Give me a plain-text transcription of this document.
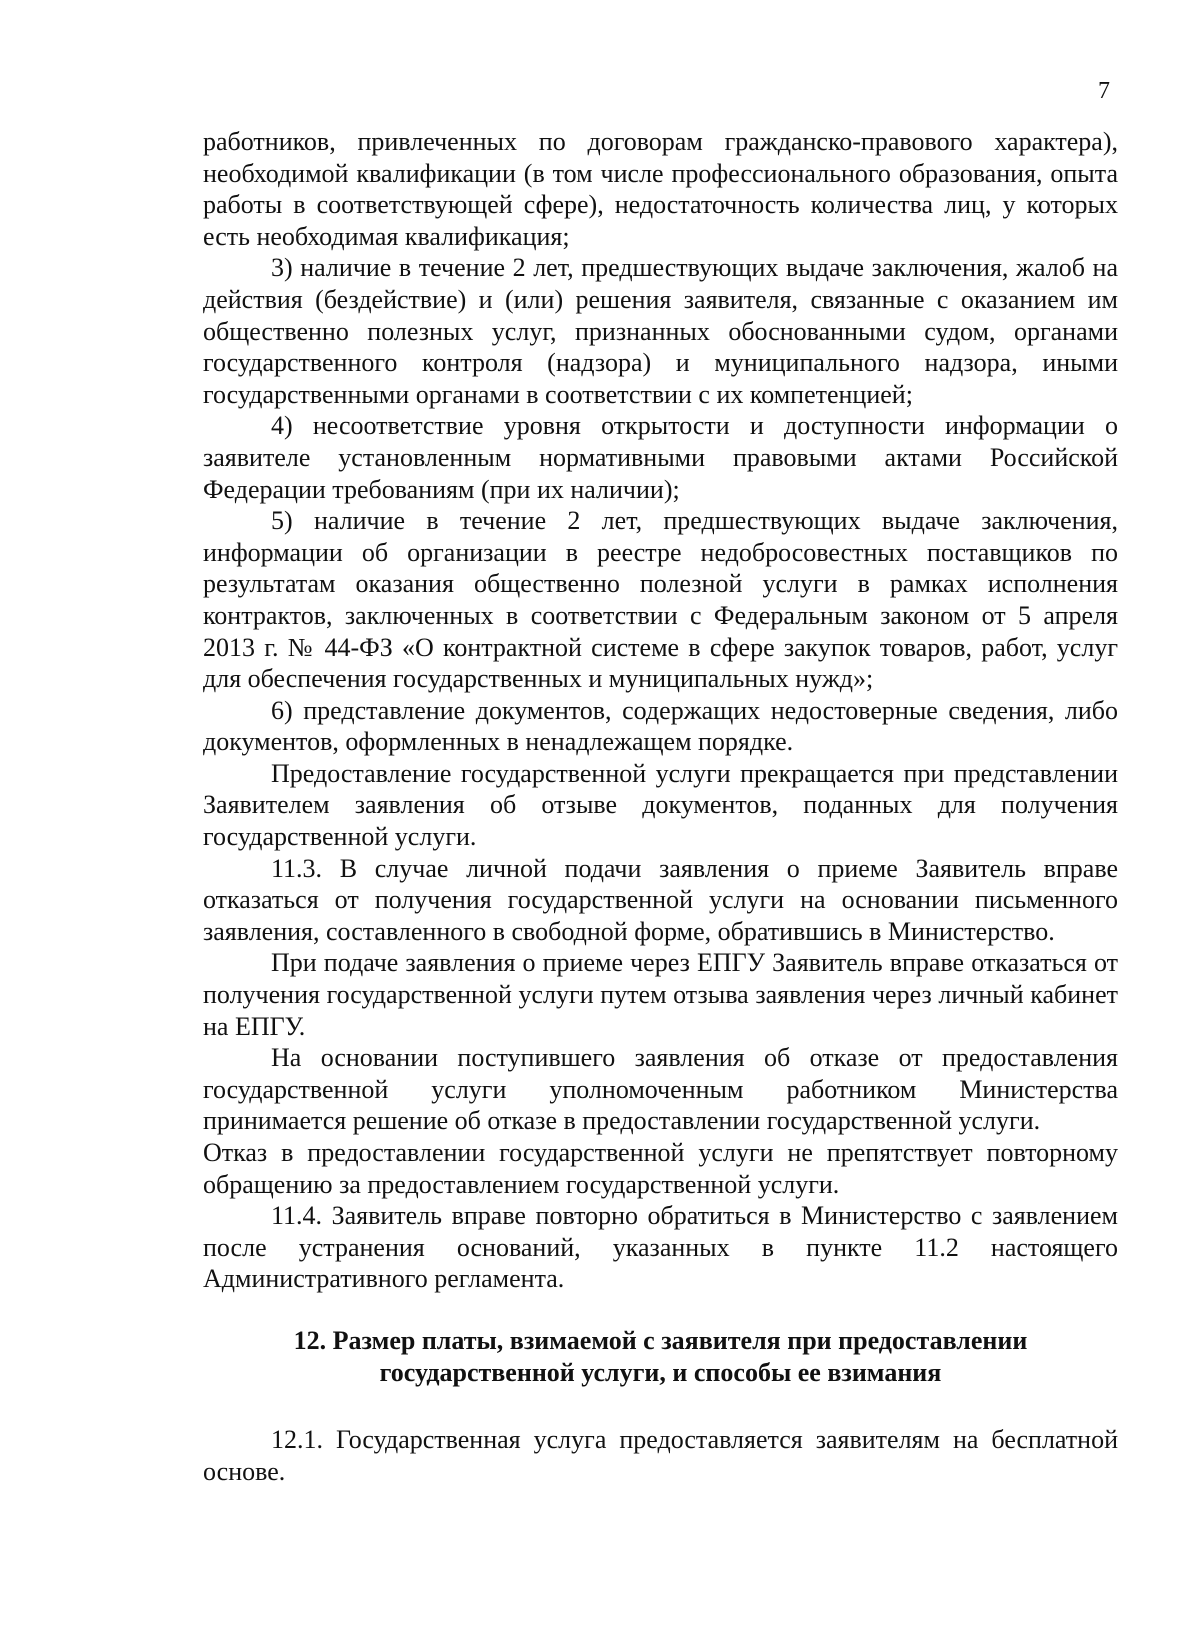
7

работников, привлеченных по договорам гражданско-правового характера), необходимой квалификации (в том числе профессионального образования, опыта работы в соответствующей сфере), недостаточность количества лиц, у которых есть необходимая квалификация;

3) наличие в течение 2 лет, предшествующих выдаче заключения, жалоб на действия (бездействие) и (или) решения заявителя, связанные с оказанием им общественно полезных услуг, признанных обоснованными судом, органами государственного контроля (надзора) и муниципального надзора, иными государственными органами в соответствии с их компетенцией;

4) несоответствие уровня открытости и доступности информации о заявителе установленным нормативными правовыми актами Российской Федерации требованиям (при их наличии);

5) наличие в течение 2 лет, предшествующих выдаче заключения, информации об организации в реестре недобросовестных поставщиков по результатам оказания общественно полезной услуги в рамках исполнения контрактов, заключенных в соответствии с Федеральным законом от 5 апреля 2013 г. № 44-ФЗ «О контрактной системе в сфере закупок товаров, работ, услуг для обеспечения государственных и муниципальных нужд»;

6) представление документов, содержащих недостоверные сведения, либо документов, оформленных в ненадлежащем порядке.

Предоставление государственной услуги прекращается при представлении Заявителем заявления об отзыве документов, поданных для получения государственной услуги.

11.3. В случае личной подачи заявления о приеме Заявитель вправе отказаться от получения государственной услуги на основании письменного заявления, составленного в свободной форме, обратившись в Министерство.

При подаче заявления о приеме через ЕПГУ Заявитель вправе отказаться от получения государственной услуги путем отзыва заявления через личный кабинет на ЕПГУ.

На основании поступившего заявления об отказе от предоставления государственной услуги уполномоченным работником Министерства принимается решение об отказе в предоставлении государственной услуги.

Отказ в предоставлении государственной услуги не препятствует повторному обращению за предоставлением государственной услуги.

11.4. Заявитель вправе повторно обратиться в Министерство с заявлением после устранения оснований, указанных в пункте 11.2 настоящего Административного регламента.

12. Размер платы, взимаемой с заявителя при предоставлении
государственной услуги, и способы ее взимания

12.1. Государственная услуга предоставляется заявителям на бесплатной основе.
